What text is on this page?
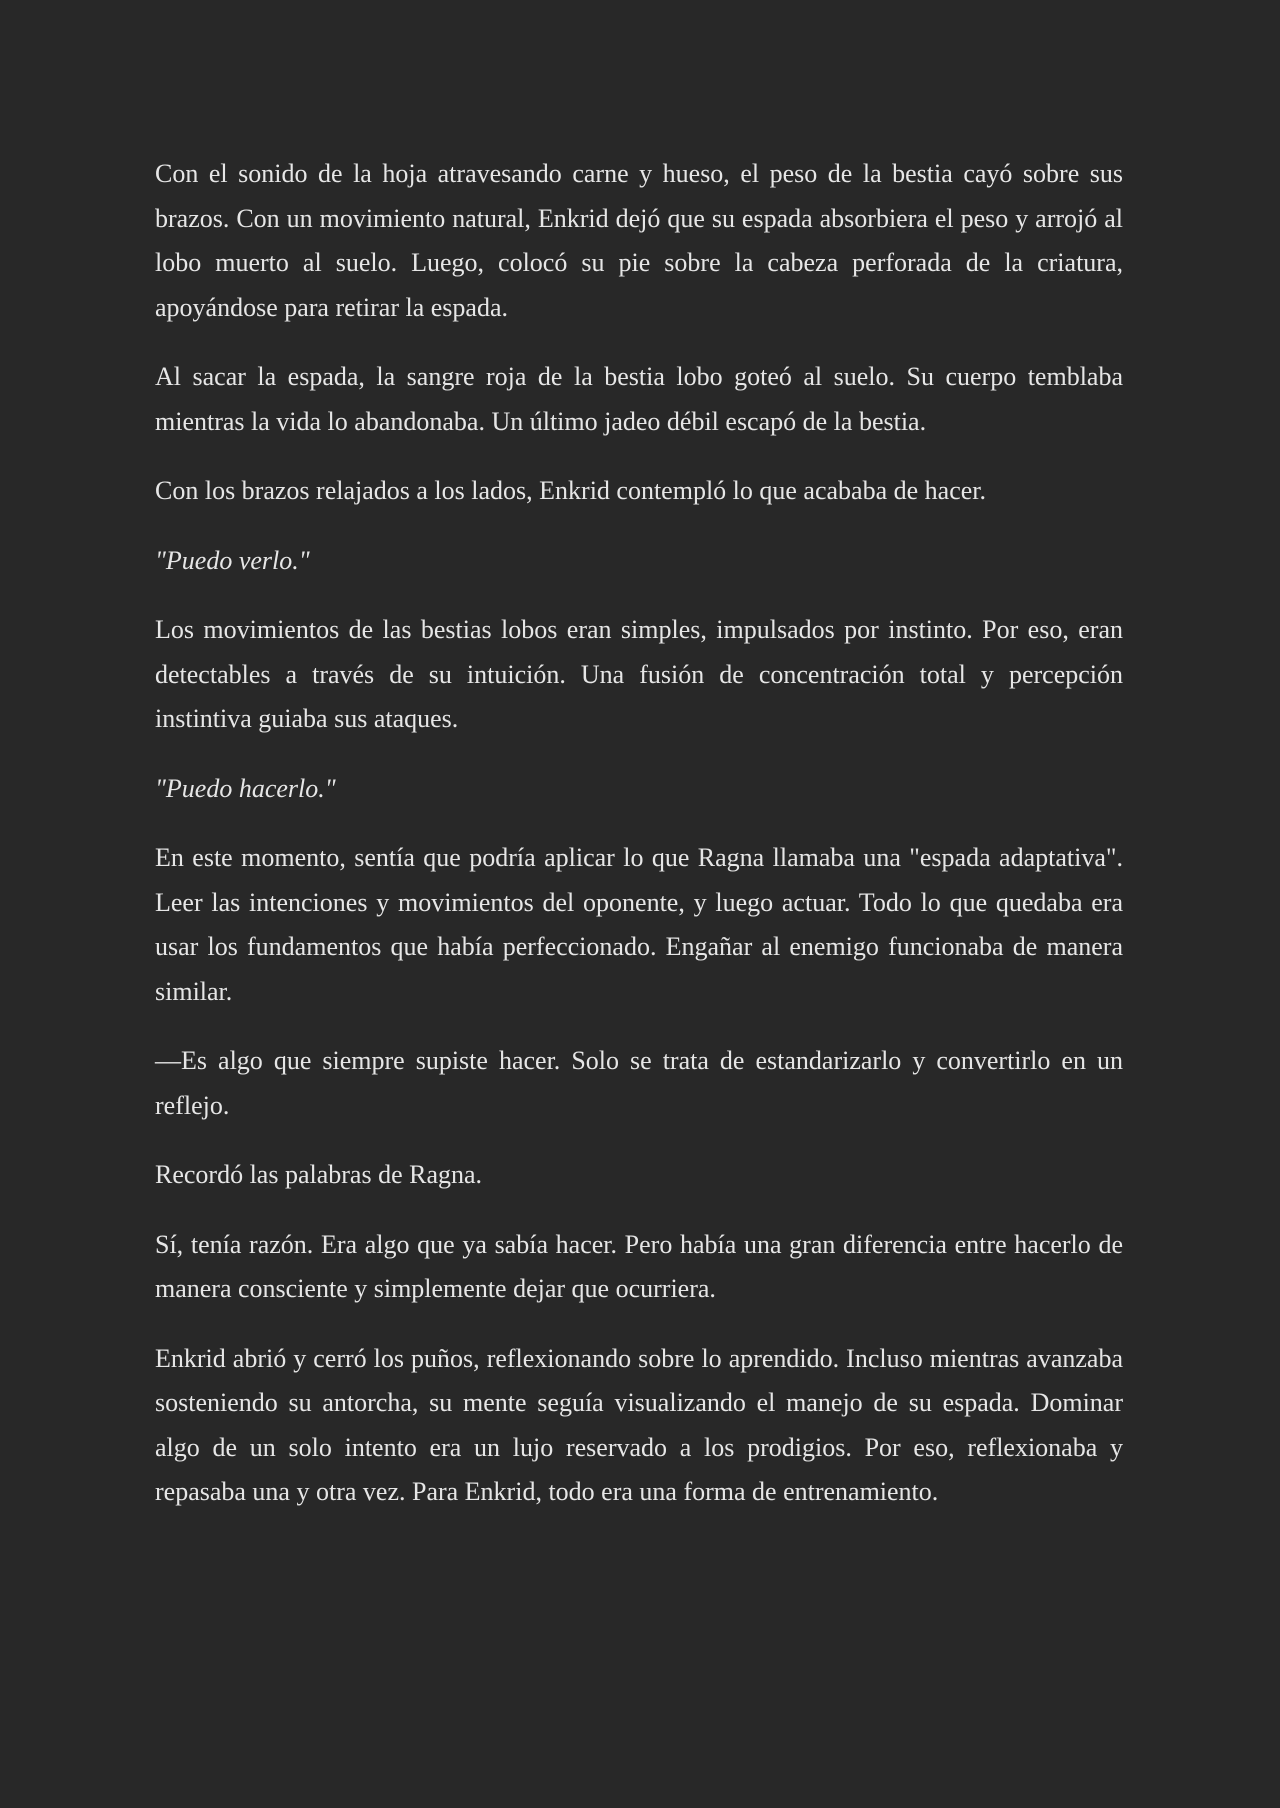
Con el sonido de la hoja atravesando carne y hueso, el peso de la bestia cayó sobre sus brazos. Con un movimiento natural, Enkrid dejó que su espada absorbiera el peso y arrojó al lobo muerto al suelo. Luego, colocó su pie sobre la cabeza perforada de la criatura, apoyándose para retirar la espada.

Al sacar la espada, la sangre roja de la bestia lobo goteó al suelo. Su cuerpo temblaba mientras la vida lo abandonaba. Un último jadeo débil escapó de la bestia.

Con los brazos relajados a los lados, Enkrid contempló lo que acababa de hacer.

"Puedo verlo."

Los movimientos de las bestias lobos eran simples, impulsados por instinto. Por eso, eran detectables a través de su intuición. Una fusión de concentración total y percepción instintiva guiaba sus ataques.

"Puedo hacerlo."

En este momento, sentía que podría aplicar lo que Ragna llamaba una "espada adaptativa". Leer las intenciones y movimientos del oponente, y luego actuar. Todo lo que quedaba era usar los fundamentos que había perfeccionado. Engañar al enemigo funcionaba de manera similar.

—Es algo que siempre supiste hacer. Solo se trata de estandarizarlo y convertirlo en un reflejo.

Recordó las palabras de Ragna.

Sí, tenía razón. Era algo que ya sabía hacer. Pero había una gran diferencia entre hacerlo de manera consciente y simplemente dejar que ocurriera.

Enkrid abrió y cerró los puños, reflexionando sobre lo aprendido. Incluso mientras avanzaba sosteniendo su antorcha, su mente seguía visualizando el manejo de su espada. Dominar algo de un solo intento era un lujo reservado a los prodigios. Por eso, reflexionaba y repasaba una y otra vez. Para Enkrid, todo era una forma de entrenamiento.
